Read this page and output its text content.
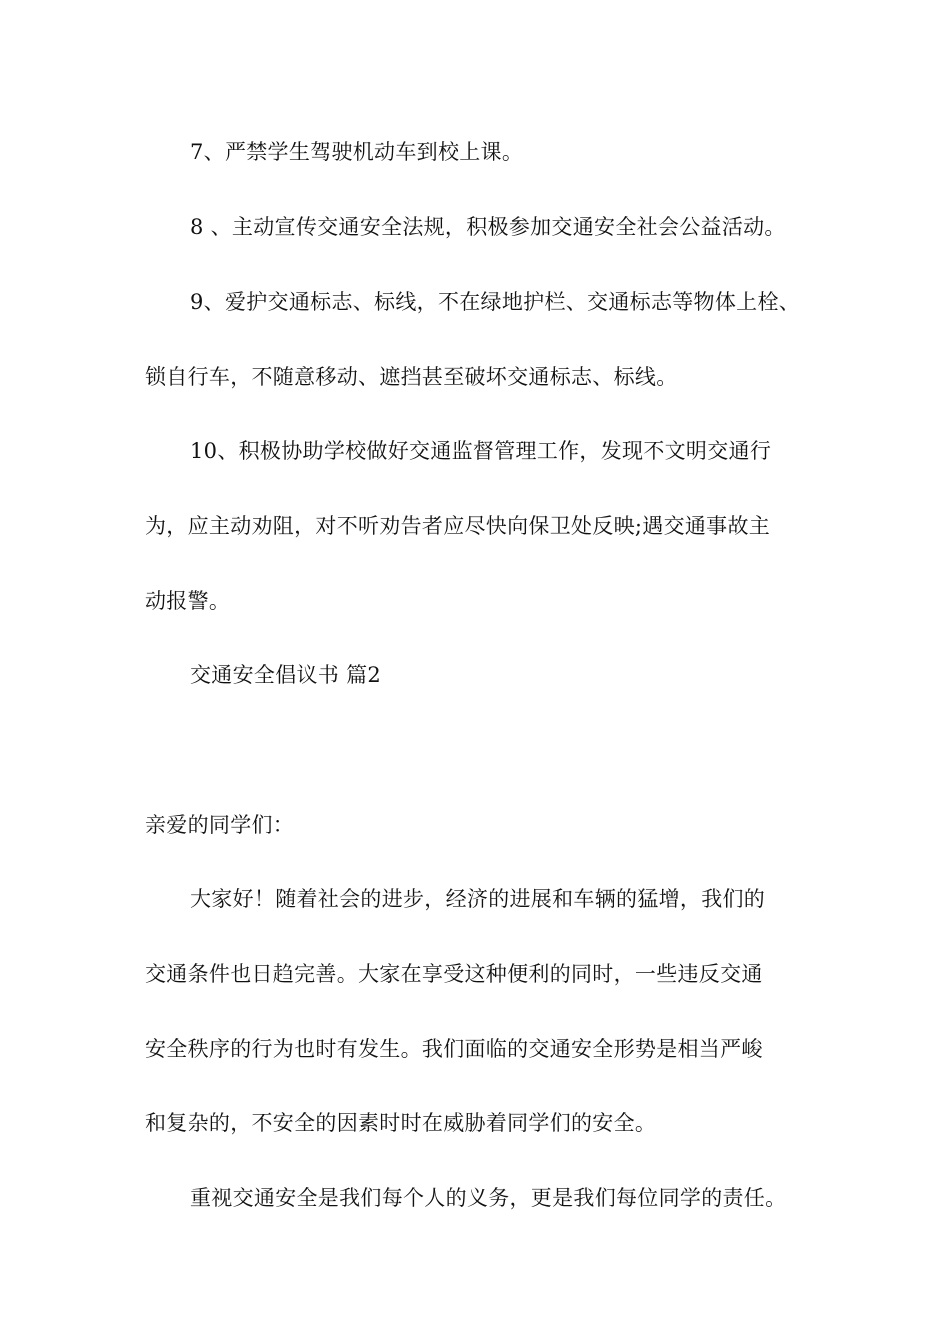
7、严禁学生驾驶机动车到校上课。
8 、主动宣传交通安全法规，积极参加交通安全社会公益活动。
9、爱护交通标志、标线，不在绿地护栏、交通标志等物体上栓、
锁自行车，不随意移动、遮挡甚至破坏交通标志、标线。
10、积极协助学校做好交通监督管理工作，发现不文明交通行
为，应主动劝阻，对不听劝告者应尽快向保卫处反映;遇交通事故主
动报警。
交通安全倡议书 篇2
亲爱的同学们：
大家好！随着社会的进步，经济的进展和车辆的猛增，我们的
交通条件也日趋完善。大家在享受这种便利的同时，一些违反交通
安全秩序的行为也时有发生。我们面临的交通安全形势是相当严峻
和复杂的，不安全的因素时时在威胁着同学们的安全。
重视交通安全是我们每个人的义务，更是我们每位同学的责任。
